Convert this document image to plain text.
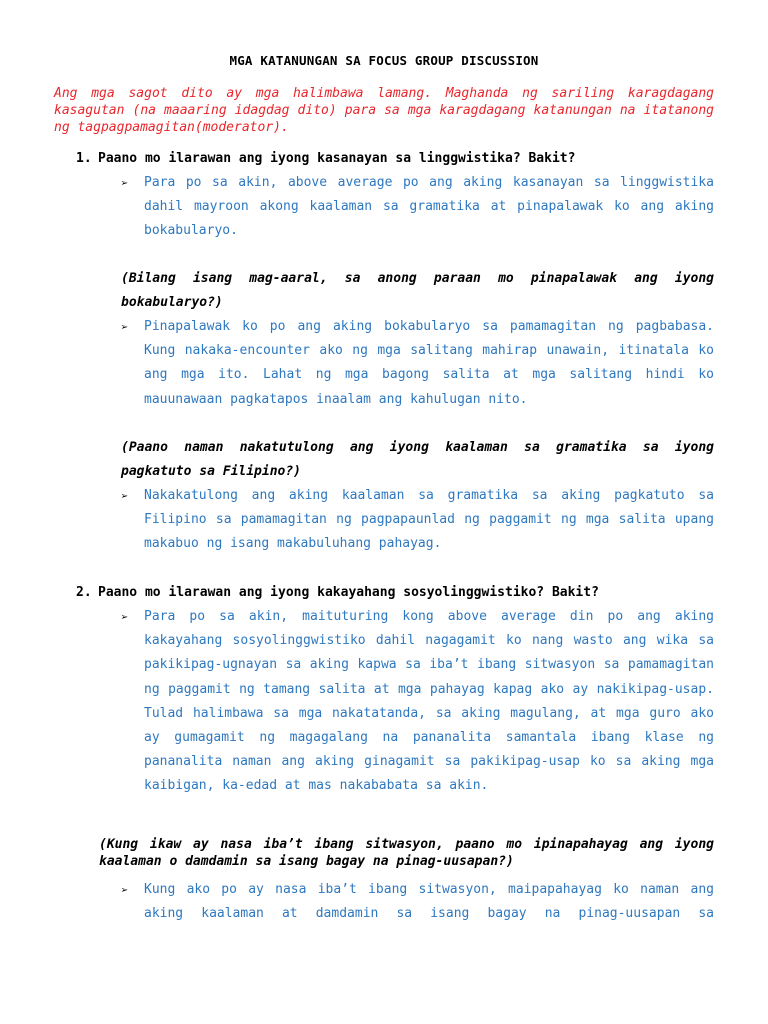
MGA KATANUNGAN SA FOCUS GROUP DISCUSSION
Ang mga sagot dito ay mga halimbawa lamang. Maghanda ng sariling karagdagang kasagutan (na maaaring idagdag dito) para sa mga karagdagang katanungan na itatanong ng tagpagpamagitan(moderator).
1. Paano mo ilarawan ang iyong kasanayan sa linggwistika? Bakit?
➢	Para po sa akin, above average po ang aking kasanayan sa linggwistika dahil mayroon akong kaalaman sa gramatika at pinapalawak ko ang aking bokabularyo.
(Bilang isang mag-aaral, sa anong paraan mo pinapalawak ang iyong bokabularyo?)
➢	Pinapalawak ko po ang aking bokabularyo sa pamamagitan ng pagbabasa. Kung nakaka-encounter ako ng mga salitang mahirap unawain, itinatala ko ang mga ito. Lahat ng mga bagong salita at mga salitang hindi ko mauunawaan pagkatapos inaalam ang kahulugan nito.
(Paano naman nakatutulong ang iyong kaalaman sa gramatika sa iyong pagkatuto sa Filipino?)
➢	Nakakatulong ang aking kaalaman sa gramatika sa aking pagkatuto sa Filipino sa pamamagitan ng pagpapaunlad ng paggamit ng mga salita upang makabuo ng isang makabuluhang pahayag.
2. Paano mo ilarawan ang iyong kakayahang sosyolinggwistiko? Bakit?
➢	Para po sa akin, maituturing kong above average din po ang aking kakayahang sosyolinggwistiko dahil nagagamit ko nang wasto ang wika sa pakikipag-ugnayan sa aking kapwa sa iba’t ibang sitwasyon sa pamamagitan ng paggamit ng tamang salita at mga pahayag kapag ako ay nakikipag-usap. Tulad halimbawa sa mga nakatatanda, sa aking magulang, at mga guro ako ay gumagamit ng magagalang na pananalita samantala ibang klase ng pananalita naman ang aking ginagamit sa pakikipag-usap ko sa aking mga kaibigan, ka-edad at mas nakababata sa akin.
(Kung ikaw ay nasa iba’t ibang sitwasyon, paano mo ipinapahayag ang iyong kaalaman o damdamin sa isang bagay na pinag-uusapan?)
➢	Kung ako po ay nasa iba’t ibang sitwasyon, maipapahayag ko naman ang aking kaalaman at damdamin sa isang bagay na pinag-uusapan sa
